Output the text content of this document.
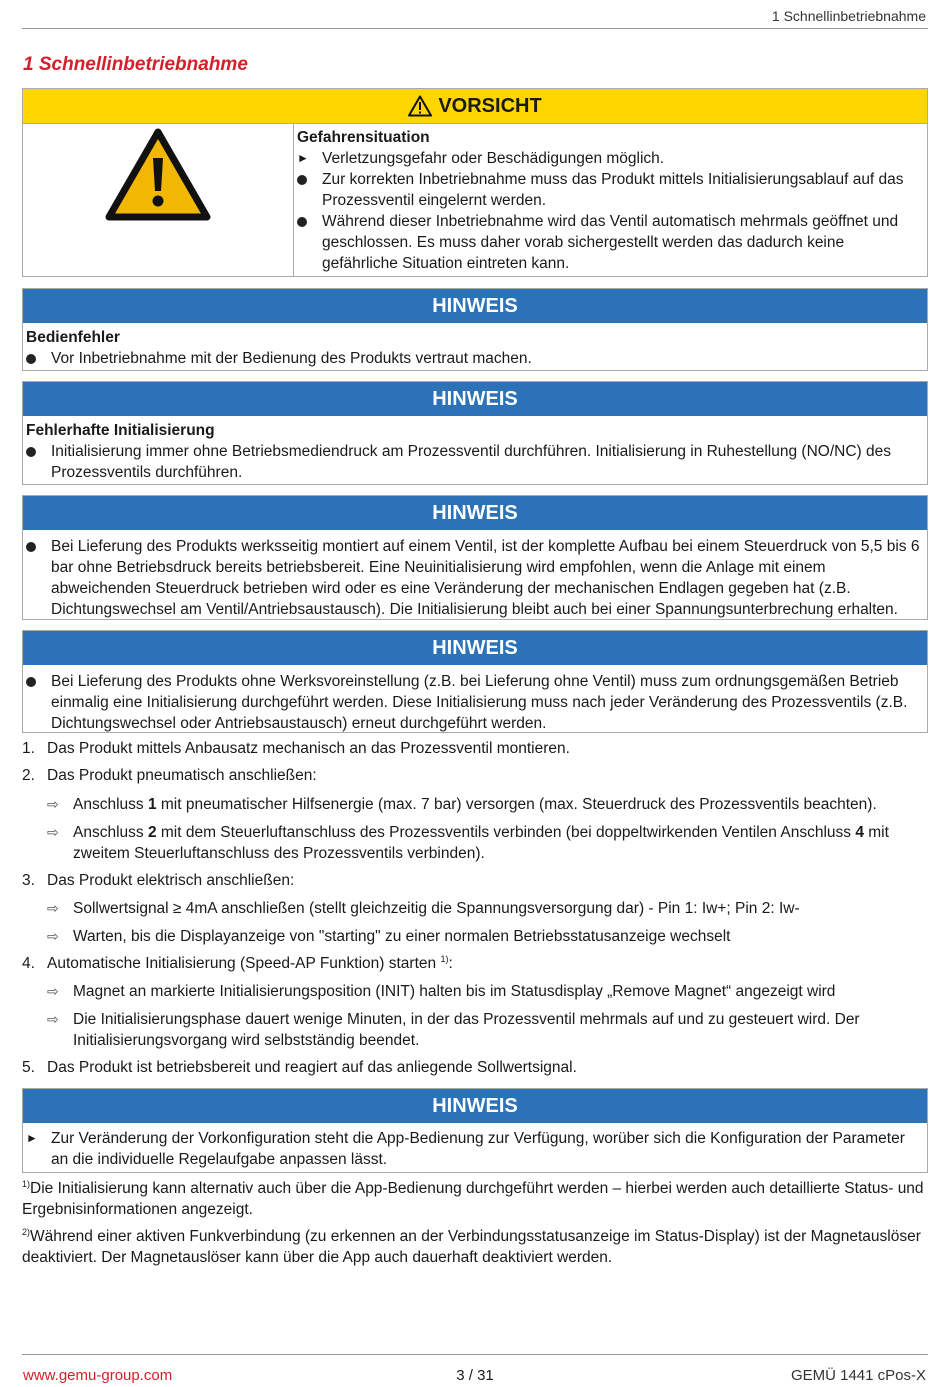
1 Schnellinbetriebnahme
1 Schnellinbetriebnahme
VORSICHT
Gefahrensituation
► Verletzungsgefahr oder Beschädigungen möglich.
Zur korrekten Inbetriebnahme muss das Produkt mittels Initialisierungsablauf auf das Prozessventil eingelernt werden.
Während dieser Inbetriebnahme wird das Ventil automatisch mehrmals geöffnet und geschlossen. Es muss daher vorab sichergestellt werden das dadurch keine gefährliche Situation eintreten kann.
HINWEIS
Bedienfehler
Vor Inbetriebnahme mit der Bedienung des Produkts vertraut machen.
HINWEIS
Fehlerhafte Initialisierung
Initialisierung immer ohne Betriebsmediendruck am Prozessventil durchführen. Initialisierung in Ruhestellung (NO/NC) des Prozessventils durchführen.
HINWEIS
Bei Lieferung des Produkts werksseitig montiert auf einem Ventil, ist der komplette Aufbau bei einem Steuerdruck von 5,5 bis 6 bar ohne Betriebsdruck bereits betriebsbereit. Eine Neuinitialisierung wird empfohlen, wenn die Anlage mit einem abweichenden Steuerdruck betrieben wird oder es eine Veränderung der mechanischen Endlagen gegeben hat (z.B. Dichtungswechsel am Ventil/Antriebsaustausch). Die Initialisierung bleibt auch bei einer Spannungsunterbrechung erhalten.
HINWEIS
Bei Lieferung des Produkts ohne Werksvoreinstellung (z.B. bei Lieferung ohne Ventil) muss zum ordnungsgemäßen Betrieb einmalig eine Initialisierung durchgeführt werden. Diese Initialisierung muss nach jeder Veränderung des Prozessventils (z.B. Dichtungswechsel oder Antriebsaustausch) erneut durchgeführt werden.
1. Das Produkt mittels Anbausatz mechanisch an das Prozessventil montieren.
2. Das Produkt pneumatisch anschließen:
⇨ Anschluss 1 mit pneumatischer Hilfsenergie (max. 7 bar) versorgen (max. Steuerdruck des Prozessventils beachten).
⇨ Anschluss 2 mit dem Steuerluftanschluss des Prozessventils verbinden (bei doppeltwirkenden Ventilen Anschluss 4 mit zweitem Steuerluftanschluss des Prozessventils verbinden).
3. Das Produkt elektrisch anschließen:
⇨ Sollwertsignal ≥ 4mA anschließen (stellt gleichzeitig die Spannungsversorgung dar) - Pin 1: Iw+; Pin 2: Iw-
⇨ Warten, bis die Displayanzeige von "starting" zu einer normalen Betriebsstatusanzeige wechselt
4. Automatische Initialisierung (Speed-AP Funktion) starten $^{1)}$:
⇨ Magnet an markierte Initialisierungsposition (INIT) halten bis im Statusdisplay „Remove Magnet“ angezeigt wird
⇨ Die Initialisierungsphase dauert wenige Minuten, in der das Prozessventil mehrmals auf und zu gesteuert wird. Der Initialisierungsvorgang wird selbstständig beendet.
5. Das Produkt ist betriebsbereit und reagiert auf das anliegende Sollwertsignal.
HINWEIS
► Zur Veränderung der Vorkonfiguration steht die App-Bedienung zur Verfügung, worüber sich die Konfiguration der Parameter an die individuelle Regelaufgabe anpassen lässt.
$^{1)}$Die Initialisierung kann alternativ auch über die App-Bedienung durchgeführt werden – hierbei werden auch detaillierte Status- und Ergebnisinformationen angezeigt.
$^{2)}$Während einer aktiven Funkverbindung (zu erkennen an der Verbindungsstatusanzeige im Status-Display) ist der Magnetauslöser deaktiviert. Der Magnetauslöser kann über die App auch dauerhaft deaktiviert werden.
www.gemu-group.com	3 / 31	GEMÜ 1441 cPos-X
